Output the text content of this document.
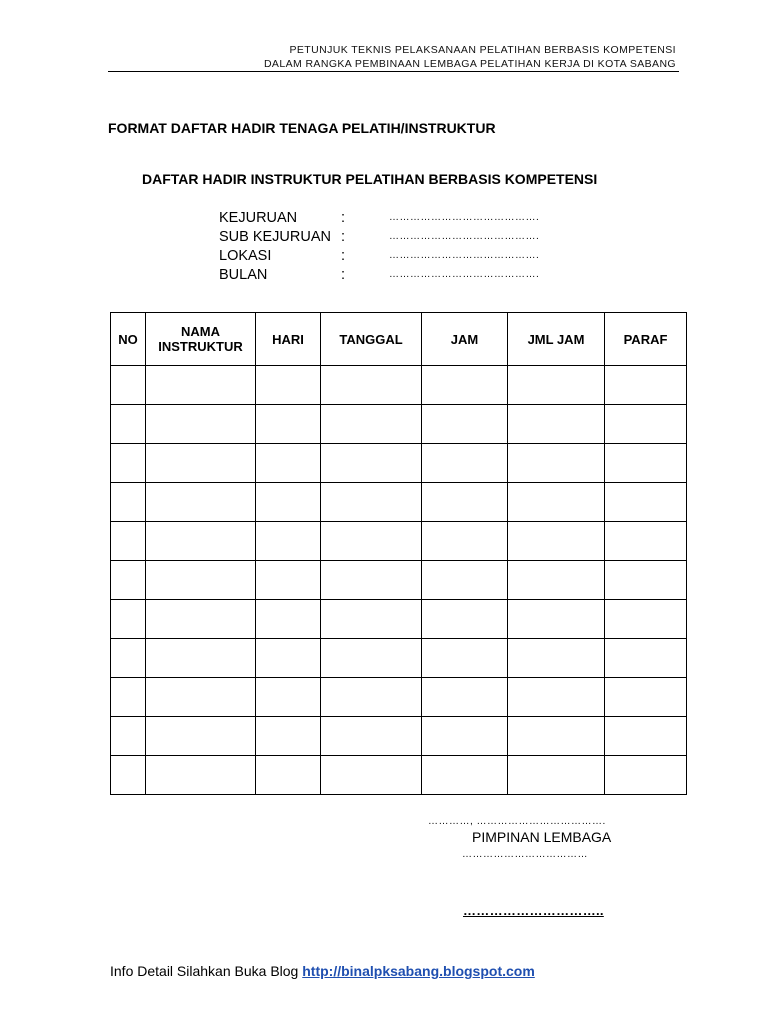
PETUNJUK TEKNIS PELAKSANAAN PELATIHAN BERBASIS KOMPETENSI
DALAM RANGKA PEMBINAAN LEMBAGA PELATIHAN KERJA DI KOTA SABANG
FORMAT DAFTAR HADIR TENAGA PELATIH/INSTRUKTUR
DAFTAR HADIR INSTRUKTUR PELATIHAN BERBASIS KOMPETENSI
KEJURUAN	:	…………………………………….
SUB KEJURUAN :	…………………………………….
LOKASI	:	…………………………………….
BULAN	:	…………………………………….
NO	NAMA INSTRUKTUR	HARI	TANGGAL	JAM	JML JAM	PARAF

…………, ……………………………….
PIMPINAN LEMBAGA
………………………………
…………………………..
Info Detail Silahkan Buka Blog http://binalpksabang.blogspot.com
